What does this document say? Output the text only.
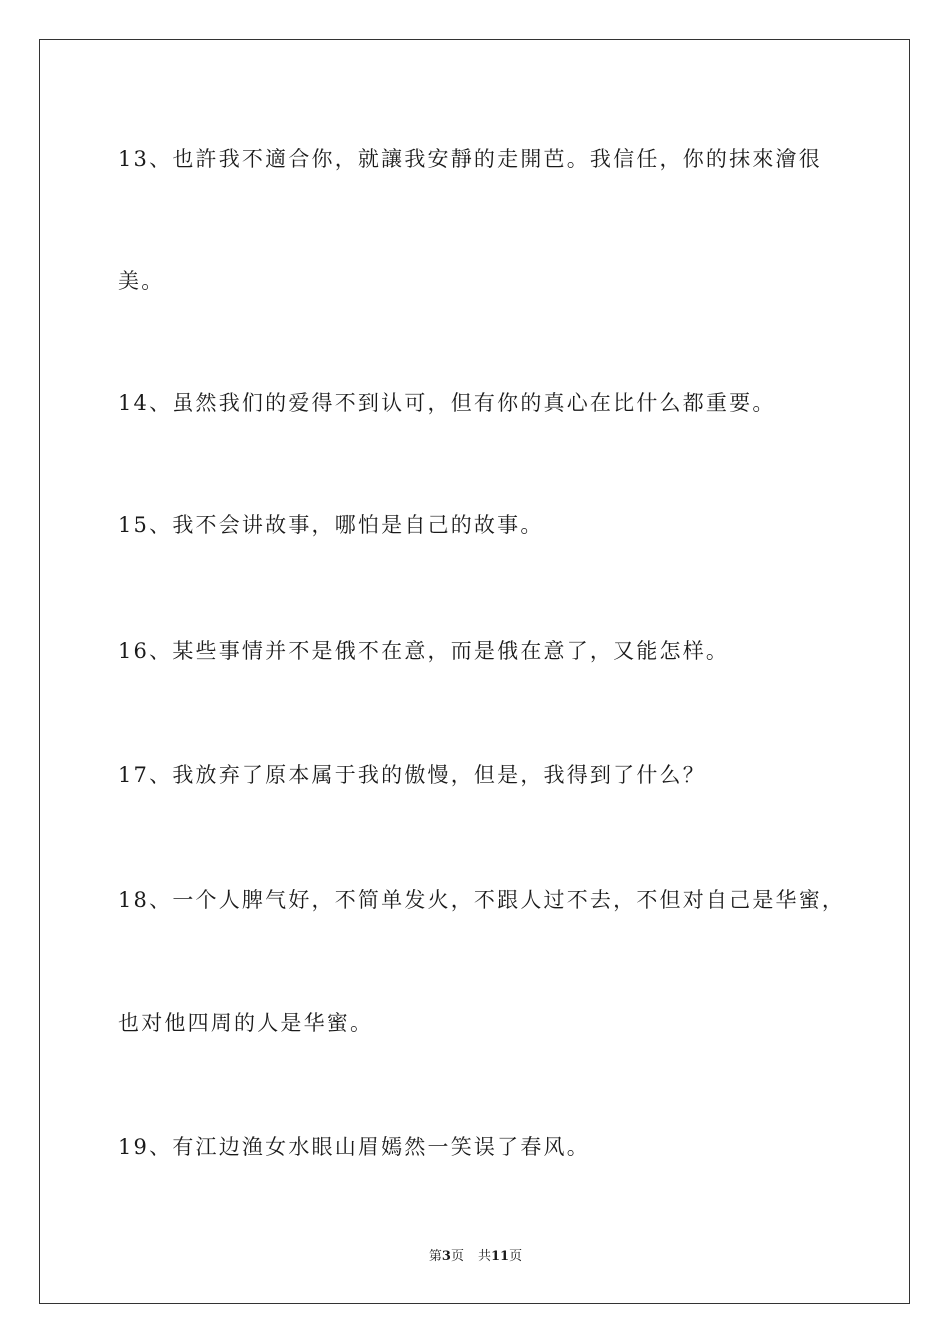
13、也許我不適合你，就讓我安靜的走開芭。我信任，你的抹來澮很
美。
14、虽然我们的爱得不到认可，但有你的真心在比什么都重要。
15、我不会讲故事，哪怕是自己的故事。
16、某些事情并不是俄不在意，而是俄在意了，又能怎样。
17、我放弃了原本属于我的傲慢，但是，我得到了什么？
18、一个人脾气好，不简单发火，不跟人过不去，不但对自己是华蜜，
也对他四周的人是华蜜。
19、有江边渔女水眼山眉嫣然一笑误了春风。
第3页 共11页
